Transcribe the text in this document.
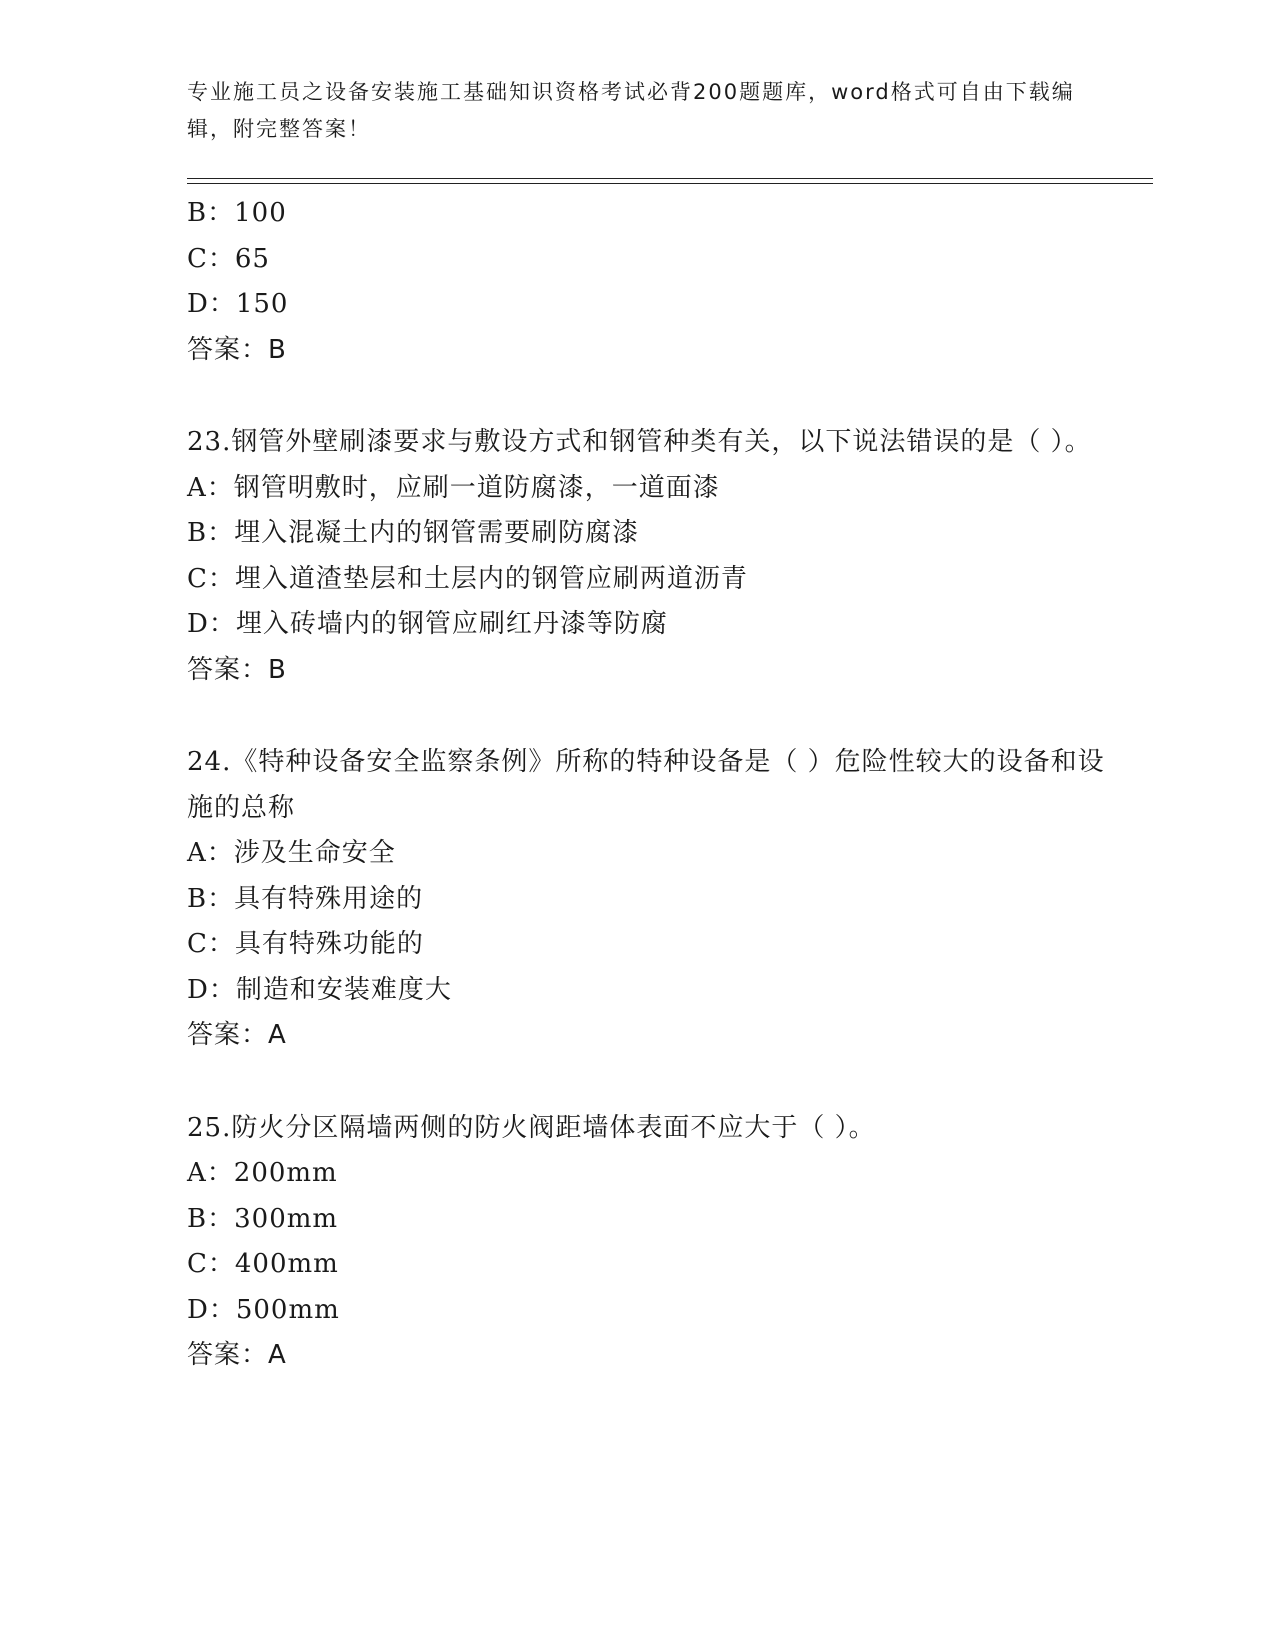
专业施工员之设备安装施工基础知识资格考试必背200题题库，word格式可自由下载编辑，附完整答案！
B：100
C：65
D：150
答案：B
23.钢管外壁刷漆要求与敷设方式和钢管种类有关，以下说法错误的是（ ）。
A：钢管明敷时，应刷一道防腐漆，一道面漆
B：埋入混凝土内的钢管需要刷防腐漆
C：埋入道渣垫层和土层内的钢管应刷两道沥青
D：埋入砖墙内的钢管应刷红丹漆等防腐
答案：B
24.《特种设备安全监察条例》所称的特种设备是（ ）危险性较大的设备和设施的总称
A：涉及生命安全
B：具有特殊用途的
C：具有特殊功能的
D：制造和安装难度大
答案：A
25.防火分区隔墙两侧的防火阀距墙体表面不应大于（ ）。
A：200mm
B：300mm
C：400mm
D：500mm
答案：A
